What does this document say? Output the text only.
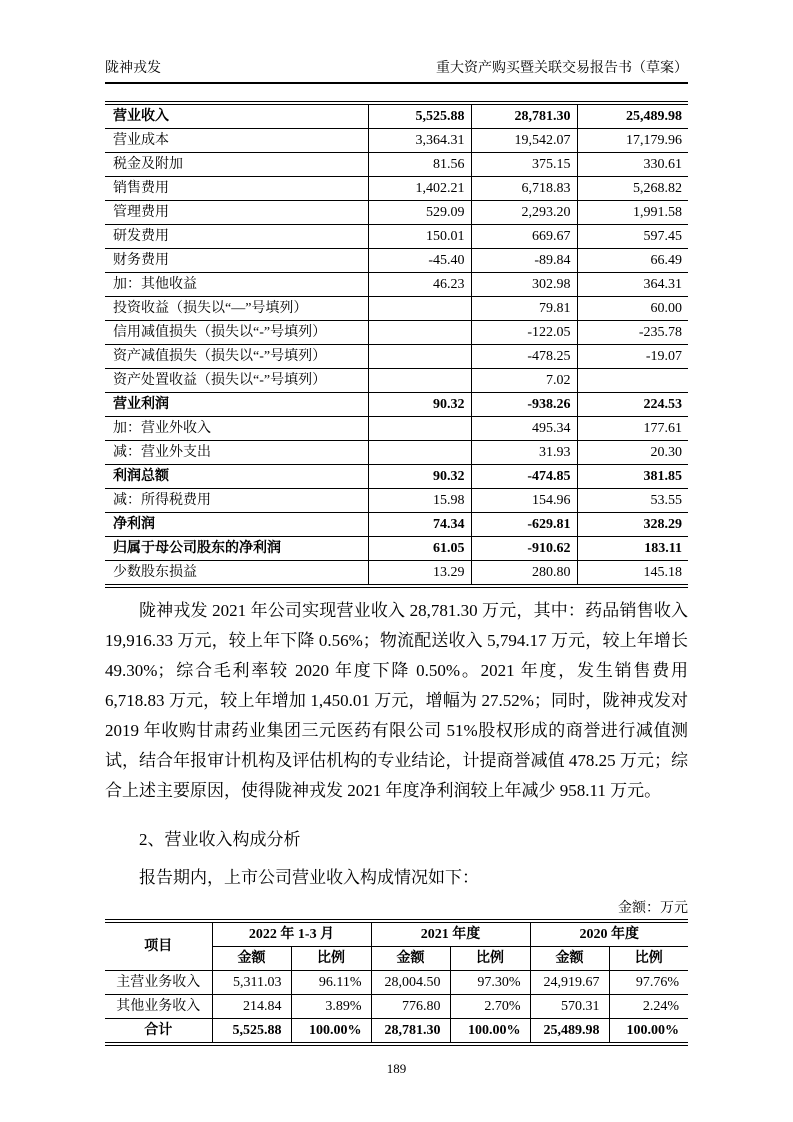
陇神戎发	重大资产购买暨关联交易报告书（草案）
营业收入	5,525.88	28,781.30	25,489.98
营业成本	3,364.31	19,542.07	17,179.96
税金及附加	81.56	375.15	330.61
销售费用	1,402.21	6,718.83	5,268.82
管理费用	529.09	2,293.20	1,991.58
研发费用	150.01	669.67	597.45
财务费用	-45.40	-89.84	66.49
加：其他收益	46.23	302.98	364.31
投资收益（损失以“—”号填列）		79.81	60.00
信用减值损失（损失以“-”号填列）		-122.05	-235.78
资产减值损失（损失以“-”号填列）		-478.25	-19.07
资产处置收益（损失以“-”号填列）		7.02	
营业利润	90.32	-938.26	224.53
加：营业外收入		495.34	177.61
减：营业外支出		31.93	20.30
利润总额	90.32	-474.85	381.85
减：所得税费用	15.98	154.96	53.55
净利润	74.34	-629.81	328.29
归属于母公司股东的净利润	61.05	-910.62	183.11
少数股东损益	13.29	280.80	145.18

陇神戎发 2021 年公司实现营业收入 28,781.30 万元，其中：药品销售收入 19,916.33 万元，较上年下降 0.56%；物流配送收入 5,794.17 万元，较上年增长 49.30%；综合毛利率较 2020 年度下降 0.50%。2021 年度，发生销售费用 6,718.83 万元，较上年增加 1,450.01 万元，增幅为 27.52%；同时，陇神戎发对 2019 年收购甘肃药业集团三元医药有限公司 51%股权形成的商誉进行减值测试，结合年报审计机构及评估机构的专业结论，计提商誉减值 478.25 万元；综合上述主要原因，使得陇神戎发 2021 年度净利润较上年减少 958.11 万元。

2、营业收入构成分析

报告期内，上市公司营业收入构成情况如下：

金额：万元
项目	2022 年 1-3 月		2021 年度		2020 年度	
	金额	比例	金额	比例	金额	比例
主营业务收入	5,311.03	96.11%	28,004.50	97.30%	24,919.67	97.76%
其他业务收入	214.84	3.89%	776.80	2.70%	570.31	2.24%
合计	5,525.88	100.00%	28,781.30	100.00%	25,489.98	100.00%
189
